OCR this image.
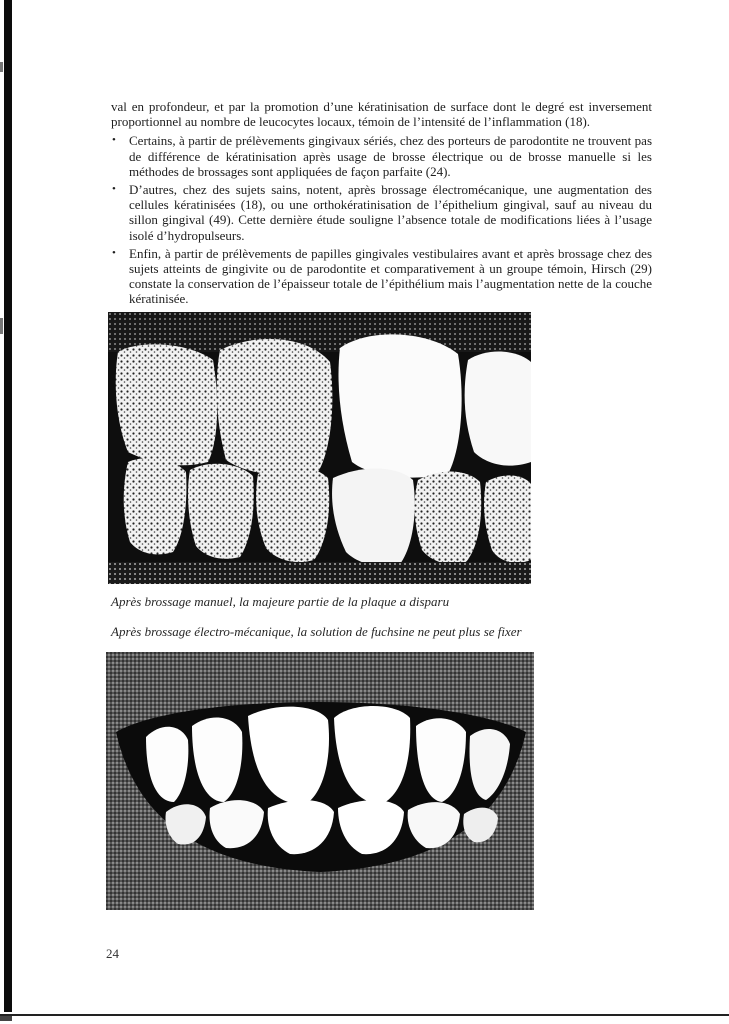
val en profondeur, et par la promotion d’une kératinisation de surface dont le degré est inversement proportionnel au nombre de leucocytes locaux, témoin de l’intensité de l’inflammation (18).

• Certains, à partir de prélèvements gingivaux sériés, chez des porteurs de parodontite ne trouvent pas de différence de kératinisation après usage de brosse électrique ou de brosse manuelle si les méthodes de brossages sont appliquées de façon parfaite (24).
• D’autres, chez des sujets sains, notent, après brossage électromécanique, une augmentation des cellules kératinisées (18), ou une orthokératinisation de l’épithelium gingival, sauf au niveau du sillon gingival (49). Cette dernière étude souligne l’absence totale de modifications liées à l’usage isolé d’hydropulseurs.
• Enfin, à partir de prélèvements de papilles gingivales vestibulaires avant et après brossage chez des sujets atteints de gingivite ou de parodontite et comparativement à un groupe témoin, Hirsch (29) constate la conservation de l’épaisseur totale de l’épithélium mais l’augmentation nette de la couche kératinisée.
Après brossage manuel, la majeure partie de la plaque a disparu
Après brossage électro-mécanique, la solution de fuchsine ne peut plus se fixer
24
